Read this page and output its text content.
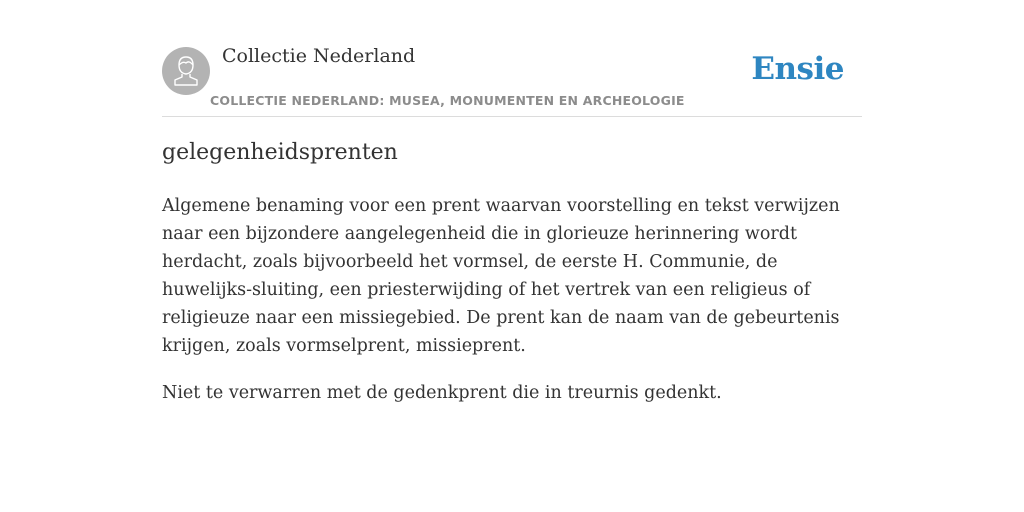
Collectie Nederland
COLLECTIE NEDERLAND: MUSEA, MONUMENTEN EN ARCHEOLOGIE
Ensie
gelegenheidsprenten

Algemene benaming voor een prent waarvan voorstelling en tekst verwijzen naar een bijzondere aangelegenheid die in glorieuze herinnering wordt herdacht, zoals bijvoorbeeld het vormsel, de eerste H. Communie, de huwelijks-sluiting, een priesterwijding of het vertrek van een religieus of religieuze naar een missiegebied. De prent kan de naam van de gebeurtenis krijgen, zoals vormselprent, missieprent.

Niet te verwarren met de gedenkprent die in treurnis gedenkt.
